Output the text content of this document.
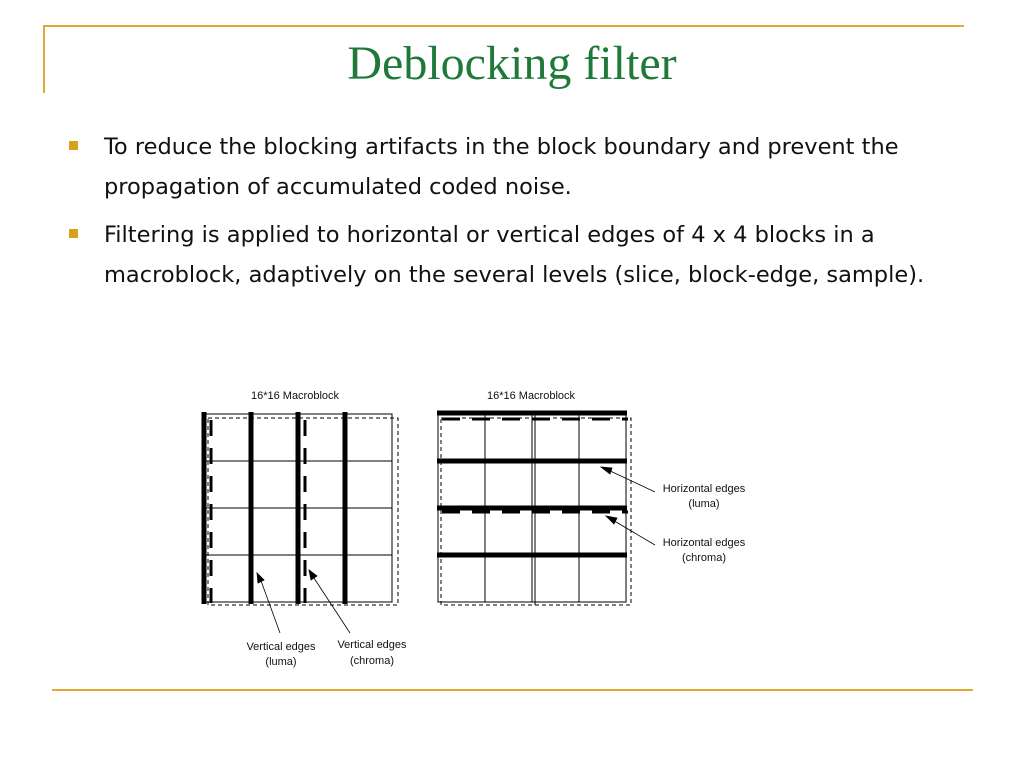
Deblocking filter
To reduce the blocking artifacts in the block boundary and prevent the propagation of accumulated coded noise.
Filtering is applied to horizontal or vertical edges of 4 x 4 blocks in a macroblock, adaptively on the several levels (slice, block-edge, sample).
16*16 Macroblock
Vertical edges
(luma)
Vertical edges
(chroma)
16*16 Macroblock
Horizontal edges
(luma)
Horizontal edges
(chroma)
